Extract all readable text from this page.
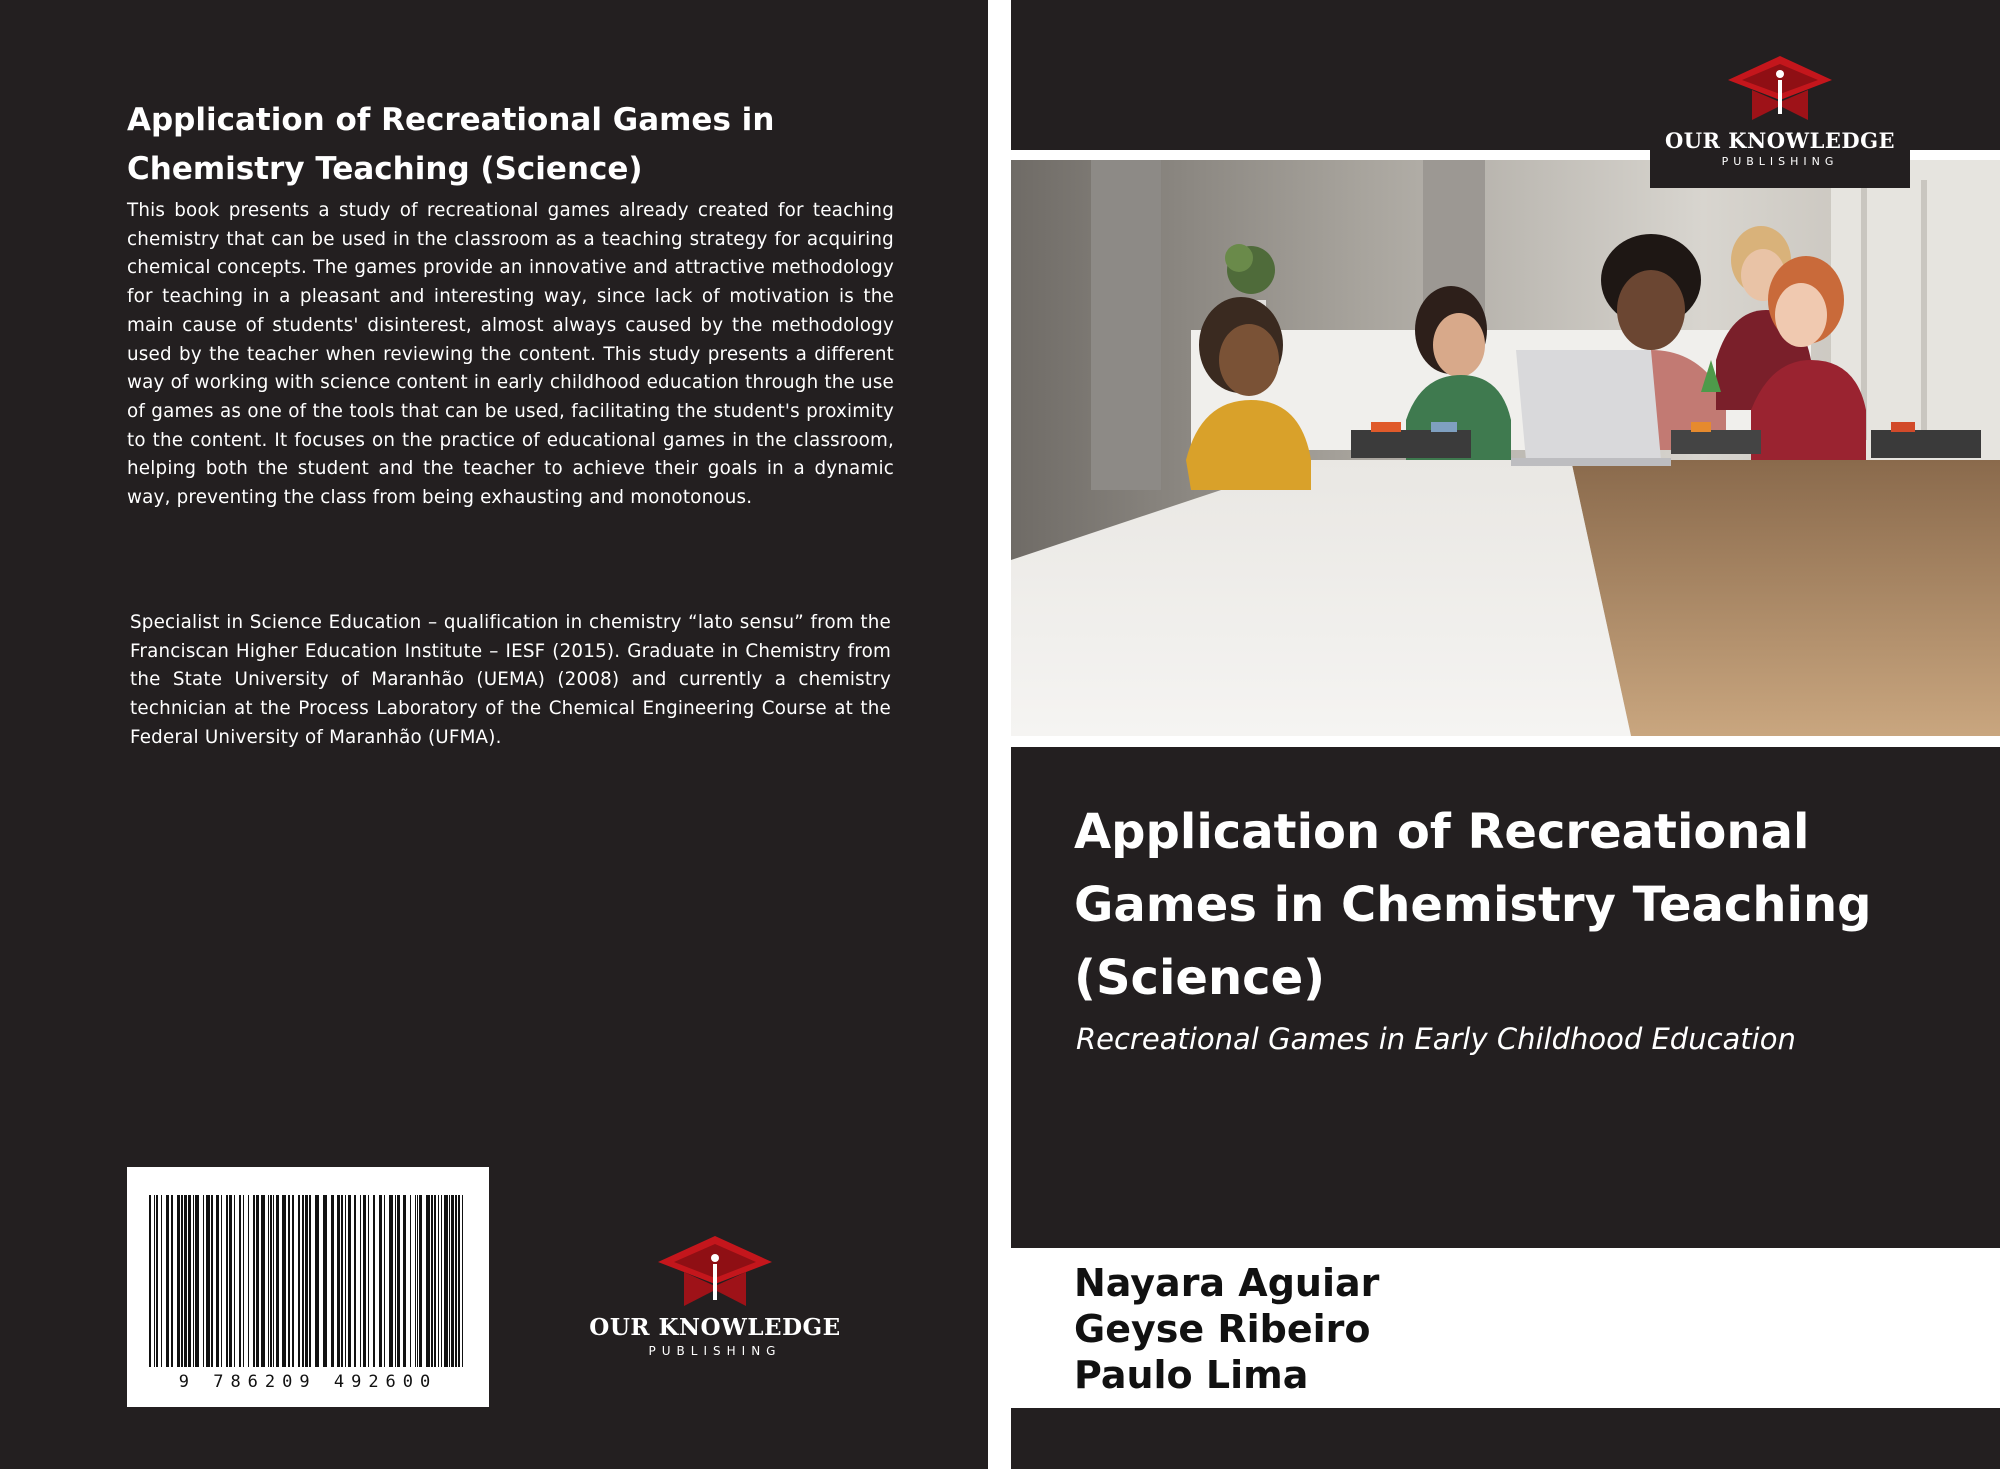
Application of Recreational Games in Chemistry Teaching (Science)

This book presents a study of recreational games already created for teaching chemistry that can be used in the classroom as a teaching strategy for acquiring chemical concepts. The games provide an innovative and attractive methodology for teaching in a pleasant and interesting way, since lack of motivation is the main cause of students' disinterest, almost always caused by the methodology used by the teacher when reviewing the content. This study presents a different way of working with science content in early childhood education through the use of games as one of the tools that can be used, facilitating the student's proximity to the content. It focuses on the practice of educational games in the classroom, helping both the student and the teacher to achieve their goals in a dynamic way, preventing the class from being exhausting and monotonous.

Specialist in Science Education – qualification in chemistry “lato sensu” from the Franciscan Higher Education Institute – IESF (2015). Graduate in Chemistry from the State University of Maranhão (UEMA) (2008) and currently a chemistry technician at the Process Laboratory of the Chemical Engineering Course at the Federal University of Maranhão (UFMA).

9 786209 492600
OUR KNOWLEDGE
PUBLISHING
OUR KNOWLEDGE
PUBLISHING
Application of Recreational Games in Chemistry Teaching (Science)
Recreational Games in Early Childhood Education
Nayara Aguiar
Geyse Ribeiro
Paulo Lima
